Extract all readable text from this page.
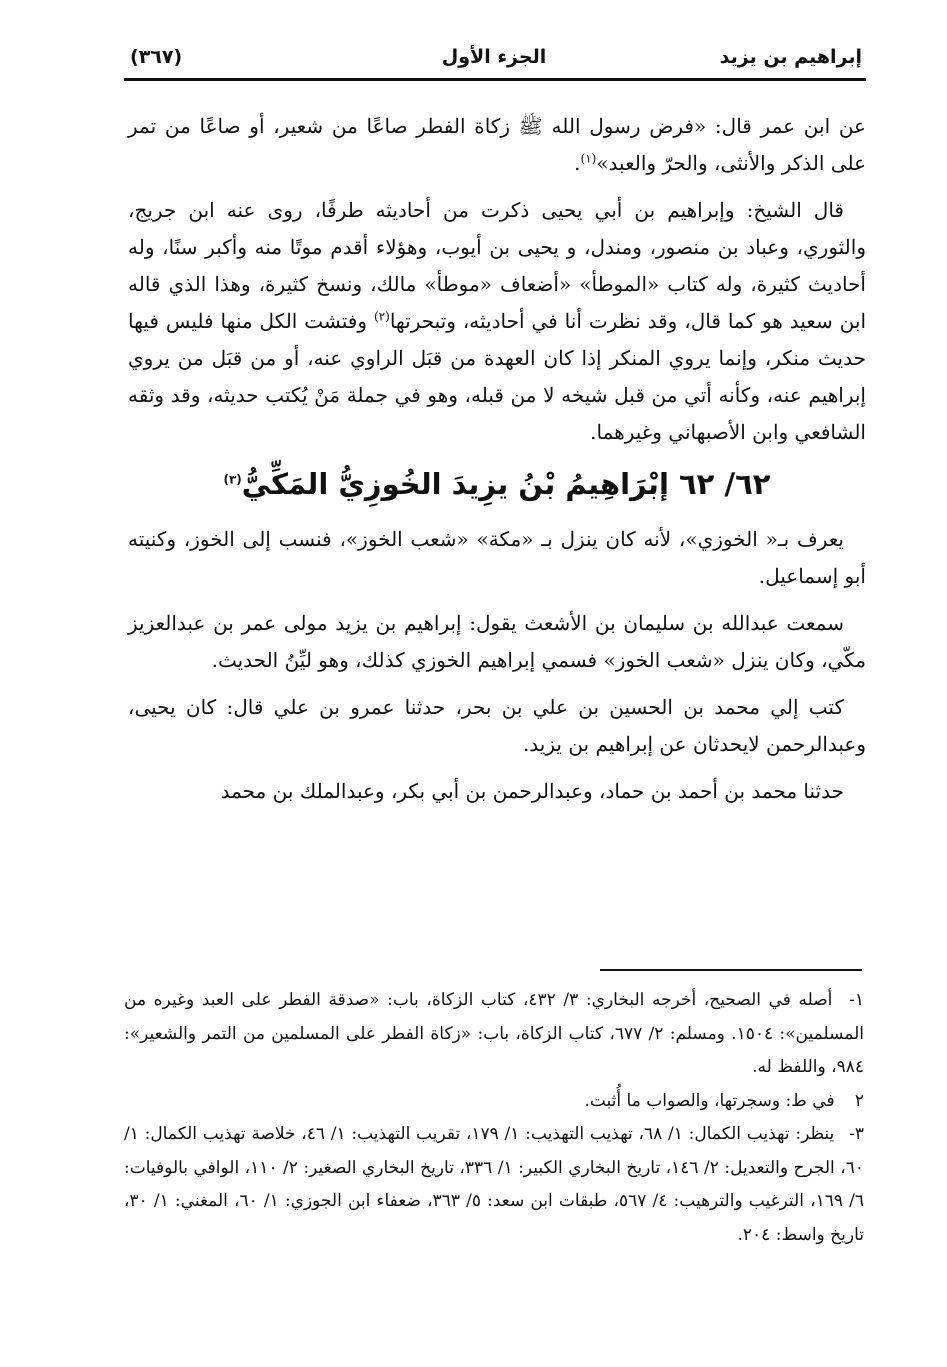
إبراهيم بن يزيد
الجزء الأول
(٣٦٧)

عن ابن عمر قال: «فرض رسول الله ﷺ زكاة الفطر صاعًا من شعير، أو صاعًا من تمر على الذكر والأنثى، والحرّ والعبد»$^{(١)}$.

قال الشيخ: وإبراهيم بن أبي يحيى ذكرت من أحاديثه طرفًا، روى عنه ابن جريج، والثوري، وعباد بن منصور، ومندل، و يحيى بن أيوب، وهؤلاء أقدم موتًا منه وأكبر سنًا، وله أحاديث كثيرة، وله كتاب «الموطأ» «أضعاف «موطأ» مالك، ونسخ كثيرة، وهذا الذي قاله ابن سعيد هو كما قال، وقد نظرت أنا في أحاديثه، وتبحرتها$^{(٢)}$ وفتشت الكل منها فليس فيها حديث منكر، وإنما يروي المنكر إذا كان العهدة من قبَل الراوي عنه، أو من قبَل من يروي إبراهيم عنه، وكأنه أتي من قبل شيخه لا من قبله، وهو في جملة مَنْ يُكتب حديثه، وقد وثقه الشافعي وابن الأصبهاني وغيرهما.

٦٢/ ٦٢ إبْرَاهِيمُ بْنُ يزِيدَ الخُوزِيُّ المَكِّيُّ$^{(٣)}$

يعرف بـ« الخوزي»، لأنه كان ينزل بـ «مكة» «شعب الخوز»، فنسب إلى الخوز، وكنيته أبو إسماعيل.

سمعت عبدالله بن سليمان بن الأشعث يقول: إبراهيم بن يزيد مولى عمر بن عبدالعزيز مكّي، وكان ينزل «شعب الخوز» فسمي إبراهيم الخوزي كذلك، وهو ليِّنُ الحديث.

كتب إلي محمد بن الحسين بن علي بن بحر، حدثنا عمرو بن علي قال: كان يحيى، وعبدالرحمن لايحدثان عن إبراهيم بن يزيد.

حدثنا محمد بن أحمد بن حماد، وعبدالرحمن بن أبي بكر، وعبدالملك بن محمد

١- أصله في الصحيح، أخرجه البخاري: ٣/ ٤٣٢، كتاب الزكاة، باب: «صدقة الفطر على العبد وغيره من المسلمين»: ١٥٠٤. ومسلم: ٢/ ٦٧٧، كتاب الزكاة، باب: «زكاة الفطر على المسلمين من التمر والشعير»: ٩٨٤، واللفظ له.

٢ في ط: وسجرتها، والصواب ما أُثبت.

٣- ينظر: تهذيب الكمال: ١/ ٦٨، تهذيب التهذيب: ١/ ١٧٩، تقريب التهذيب: ١/ ٤٦، خلاصة تهذيب الكمال: ١/ ٦٠، الجرح والتعديل: ٢/ ١٤٦، تاريخ البخاري الكبير: ١/ ٣٣٦، تاريخ البخاري الصغير: ٢/ ١١٠، الوافي بالوفيات: ٦/ ١٦٩، الترغيب والترهيب: ٤/ ٥٦٧، طبقات ابن سعد: ٥/ ٣٦٣، ضعفاء ابن الجوزي: ١/ ٦٠، المغني: ١/ ٣٠، تاريخ واسط: ٢٠٤.
